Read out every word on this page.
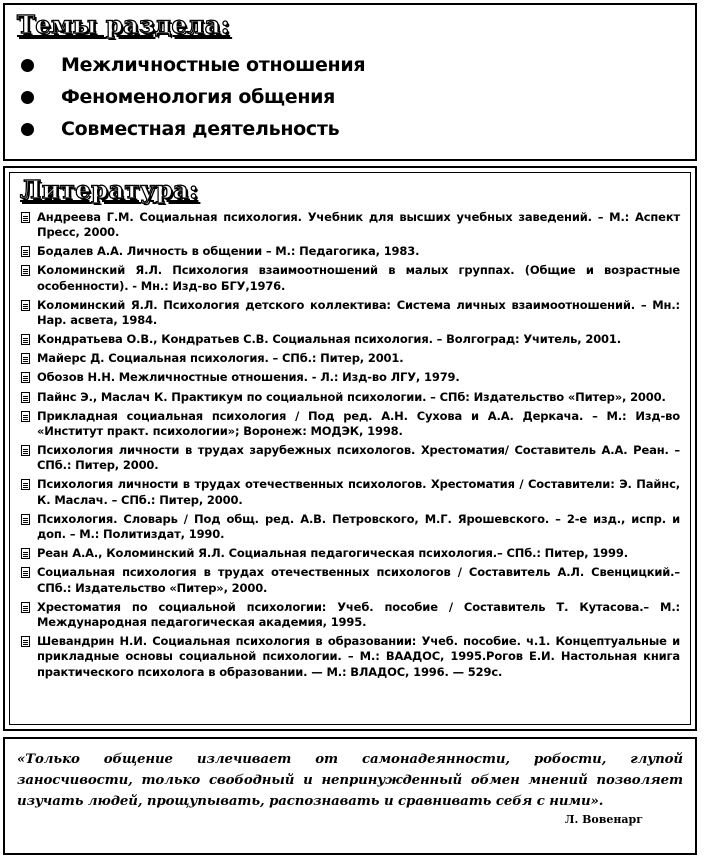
Темы раздела:
Межличностные отношения
Феноменология общения
Совместная деятельность
Литература:
Андреева Г.М. Социальная психология. Учебник для высших учебных заведений. – М.: Аспект Пресс, 2000.
Бодалев А.А. Личность в общении – М.: Педагогика, 1983.
Коломинский Я.Л. Психология взаимоотношений в малых группах. (Общие и возрастные особенности). - Мн.: Изд-во БГУ,1976.
Коломинский Я.Л. Психология детского коллектива: Система личных взаимоотношений. – Мн.: Нар. асвета, 1984.
Кондратьева О.В., Кондратьев С.В. Социальная психология. – Волгоград: Учитель, 2001.
Майерс Д. Социальная психология. – СПб.: Питер, 2001.
Обозов Н.Н. Межличностные отношения. - Л.: Изд-во ЛГУ, 1979.
Пайнс Э., Маслач К. Практикум по социальной психологии. – СПб: Издательство «Питер», 2000.
Прикладная социальная психология / Под ред. А.Н. Сухова и А.А. Деркача. – М.: Изд-во «Институт практ. психологии»; Воронеж: МОДЭК, 1998.
Психология личности в трудах зарубежных психологов. Хрестоматия/ Составитель А.А. Реан. – СПб.: Питер, 2000.
Психология личности в трудах отечественных психологов. Хрестоматия / Составители: Э. Пайнс, К. Маслач. – СПб.: Питер, 2000.
Психология. Словарь / Под общ. ред. А.В. Петровского, М.Г. Ярошевского. – 2-е изд., испр. и доп. – М.: Политиздат, 1990.
Реан А.А., Коломинский Я.Л. Социальная педагогическая психология.– СПб.: Питер, 1999.
Социальная психология в трудах отечественных психологов / Составитель А.Л. Свенцицкий.– СПб.: Издательство «Питер», 2000.
Хрестоматия по социальной психологии: Учеб. пособие / Составитель Т. Кутасова.– М.: Международная педагогическая академия, 1995.
Шевандрин Н.И. Социальная психология в образовании: Учеб. пособие. ч.1. Концептуальные и прикладные основы социальной психологии. – М.: ВААДОС, 1995.Рогов Е.И. Настольная книга практического психолога в образовании. — М.: ВЛАДОС, 1996. — 529с.

«Только общение излечивает от самонадеянности, робости, глупой заносчивости, только свободный и непринужденный обмен мнений позволяет изучать людей, прощупывать, распознавать и сравнивать себя с ними».

Л. Вовенарг
